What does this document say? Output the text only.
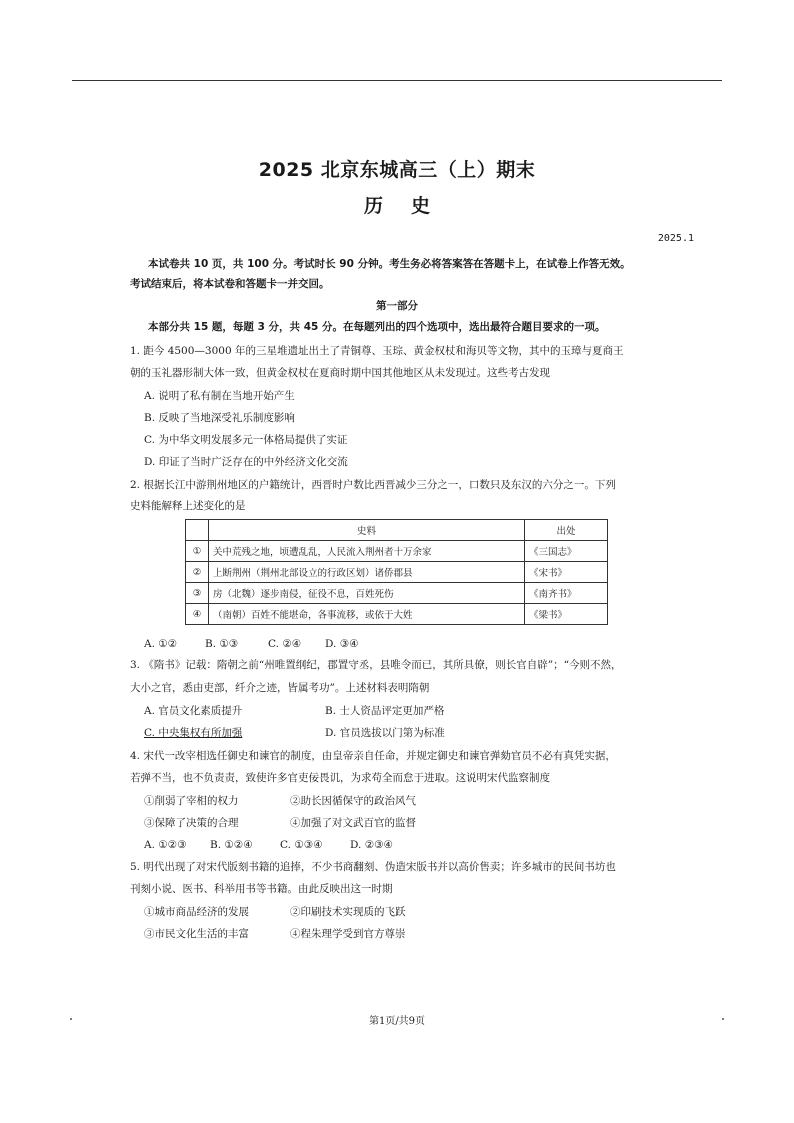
2025 北京东城高三（上）期末
历 史
2025.1
本试卷共 10 页，共 100 分。考试时长 90 分钟。考生务必将答案答在答题卡上，在试卷上作答无效。
考试结束后，将本试卷和答题卡一并交回。
第一部分
本部分共 15 题，每题 3 分，共 45 分。在每题列出的四个选项中，选出最符合题目要求的一项。
1. 距今 4500—3000 年的三星堆遗址出土了青铜尊、玉琮、黄金权杖和海贝等文物，其中的玉璋与夏商王
朝的玉礼器形制大体一致，但黄金权杖在夏商时期中国其他地区从未发现过。这些考古发现
A. 说明了私有制在当地开始产生
B. 反映了当地深受礼乐制度影响
C. 为中华文明发展多元一体格局提供了实证
D. 印证了当时广泛存在的中外经济文化交流
2. 根据长江中游荆州地区的户籍统计，西晋时户数比西晋减少三分之一，口数只及东汉的六分之一。下列
史料能解释上述变化的是
	史料	出处
①	关中荒残之地，顷遭乱乱，人民流入荆州者十万余家	《三国志》
②	上断荆州（荆州北部设立的行政区划）诸侨郡县	《宋书》
③	房（北魏）逐步南侵，征役不息，百姓死伤	《南齐书》
④	（南朝）百姓不能堪命，各事流移，或依于大姓	《梁书》
A. ①②	B. ①③	C. ②④ D. ③④
3. 《隋书》记载：隋朝之前“州唯置纲纪，郡置守丞，县唯令而已，其所具僚，则长官自辟”；“今则不然，
大小之官，悉由吏部，纤介之迹，皆属考功”。上述材料表明隋朝
A. 官员文化素质提升	B. 士人资品评定更加严格
C. 中央集权有所加强	D. 官员选拔以门第为标准
4. 宋代一改宰相选任御史和谏官的制度，由皇帝亲自任命，并规定御史和谏官弹劾官员不必有真凭实据，
若弹不当，也不负责责，致使许多官吏佞畏讥，为求苟全而怠于进取。这说明宋代监察制度
①削弱了宰相的权力	②助长因循保守的政治风气
③保障了决策的合理	④加强了对文武百官的监督
A. ①②③ B. ①②④	C. ①③④	D. ②③④
5. 明代出现了对宋代版刻书籍的追捧，不少书商翻刻、伪造宋版书并以高价售卖；许多城市的民间书坊也
刊刻小说、医书、科举用书等书籍。由此反映出这一时期
①城市商品经济的发展	②印刷技术实现质的飞跃
③市民文化生活的丰富	④程朱理学受到官方尊崇
第1页/共9页
